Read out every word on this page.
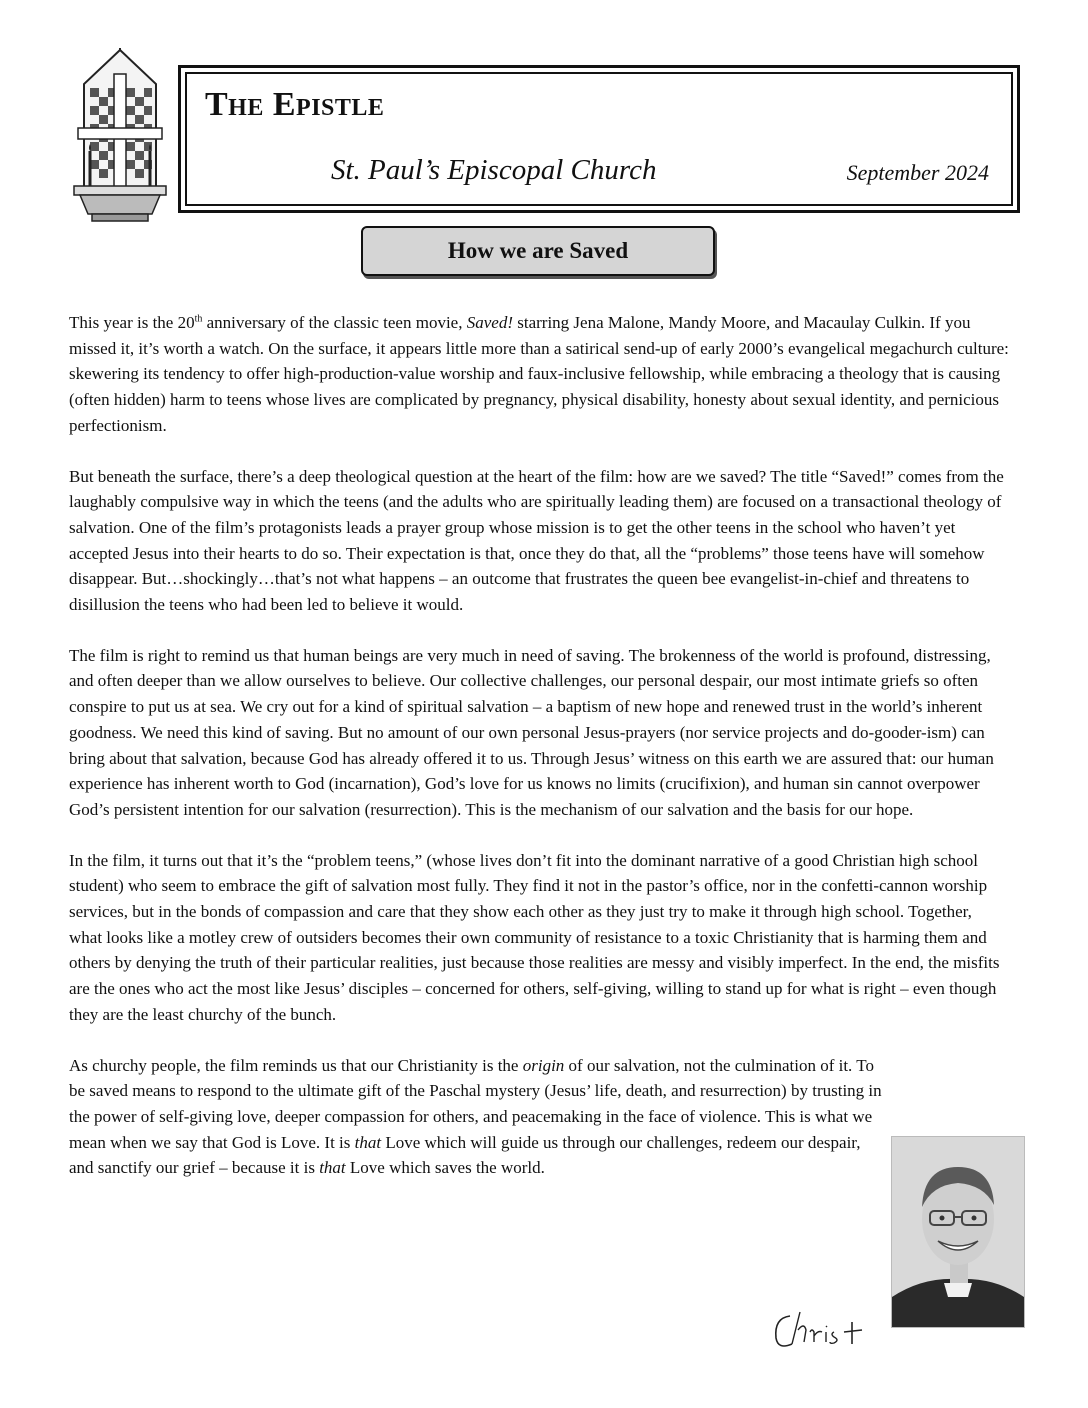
The Epistle
St. Paul’s Episcopal Church	September 2024
How we are Saved

This year is the 20th anniversary of the classic teen movie, Saved! starring Jena Malone, Mandy Moore, and Macaulay Culkin. If you missed it, it’s worth a watch. On the surface, it appears little more than a satirical send-up of early 2000’s evangelical megachurch culture: skewering its tendency to offer high-production-value worship and faux-inclusive fellowship, while embracing a theology that is causing (often hidden) harm to teens whose lives are complicated by pregnancy, physical disability, honesty about sexual identity, and pernicious perfectionism.

But beneath the surface, there’s a deep theological question at the heart of the film: how are we saved? The title “Saved!” comes from the laughably compulsive way in which the teens (and the adults who are spiritually leading them) are focused on a transactional theology of salvation. One of the film’s protagonists leads a prayer group whose mission is to get the other teens in the school who haven’t yet accepted Jesus into their hearts to do so. Their expectation is that, once they do that, all the “problems” those teens have will somehow disappear. But…shockingly…that’s not what happens – an outcome that frustrates the queen bee evangelist-in-chief and threatens to disillusion the teens who had been led to believe it would.

The film is right to remind us that human beings are very much in need of saving. The brokenness of the world is profound, distressing, and often deeper than we allow ourselves to believe. Our collective challenges, our personal despair, our most intimate griefs so often conspire to put us at sea. We cry out for a kind of spiritual salvation – a baptism of new hope and renewed trust in the world’s inherent goodness. We need this kind of saving. But no amount of our own personal Jesus-prayers (nor service projects and do-gooder-ism) can bring about that salvation, because God has already offered it to us. Through Jesus’ witness on this earth we are assured that: our human experience has inherent worth to God (incarnation), God’s love for us knows no limits (crucifixion), and human sin cannot overpower God’s persistent intention for our salvation (resurrection). This is the mechanism of our salvation and the basis for our hope.

In the film, it turns out that it’s the “problem teens,” (whose lives don’t fit into the dominant narrative of a good Christian high school student) who seem to embrace the gift of salvation most fully. They find it not in the pastor’s office, nor in the confetti-cannon worship services, but in the bonds of compassion and care that they show each other as they just try to make it through high school. Together, what looks like a motley crew of outsiders becomes their own community of resistance to a toxic Christianity that is harming them and others by denying the truth of their particular realities, just because those realities are messy and visibly imperfect. In the end, the misfits are the ones who act the most like Jesus’ disciples – concerned for others, self-giving, willing to stand up for what is right – even though they are the least churchy of the bunch.

As churchy people, the film reminds us that our Christianity is the origin of our salvation, not the culmination of it. To be saved means to respond to the ultimate gift of the Paschal mystery (Jesus’ life, death, and resurrection) by trusting in the power of self-giving love, deeper compassion for others, and peacemaking in the face of violence. This is what we mean when we say that God is Love. It is that Love which will guide us through our challenges, redeem our despair, and sanctify our grief – because it is that Love which saves the world.
